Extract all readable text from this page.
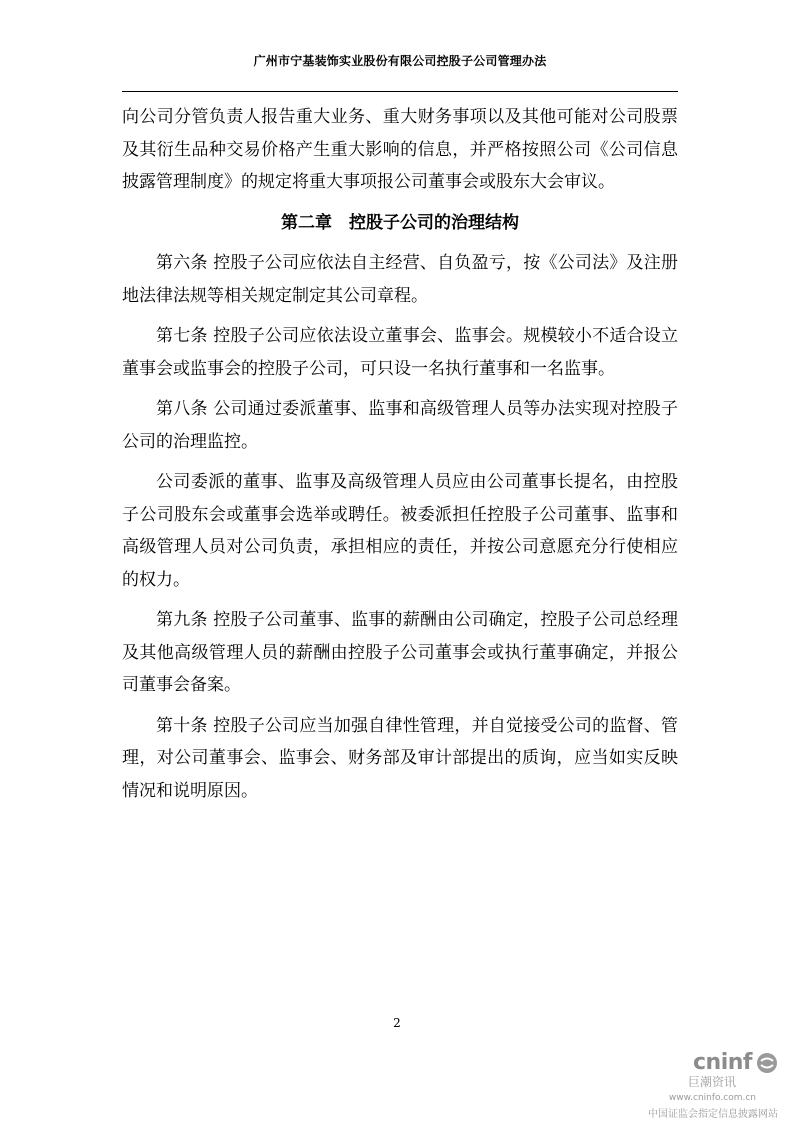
广州市宁基装饰实业股份有限公司控股子公司管理办法

向公司分管负责人报告重大业务、重大财务事项以及其他可能对公司股票及其衍生品种交易价格产生重大影响的信息，并严格按照公司《公司信息披露管理制度》的规定将重大事项报公司董事会或股东大会审议。

第二章　控股子公司的治理结构

第六条 控股子公司应依法自主经营、自负盈亏，按《公司法》及注册地法律法规等相关规定制定其公司章程。

第七条 控股子公司应依法设立董事会、监事会。规模较小不适合设立董事会或监事会的控股子公司，可只设一名执行董事和一名监事。

第八条 公司通过委派董事、监事和高级管理人员等办法实现对控股子公司的治理监控。

公司委派的董事、监事及高级管理人员应由公司董事长提名，由控股子公司股东会或董事会选举或聘任。被委派担任控股子公司董事、监事和高级管理人员对公司负责，承担相应的责任，并按公司意愿充分行使相应的权力。

第九条 控股子公司董事、监事的薪酬由公司确定，控股子公司总经理及其他高级管理人员的薪酬由控股子公司董事会或执行董事确定，并报公司董事会备案。

第十条 控股子公司应当加强自律性管理，并自觉接受公司的监督、管理，对公司董事会、监事会、财务部及审计部提出的质询，应当如实反映情况和说明原因。

2
cninf
巨潮资讯
www.cninfo.com.cn
中国证监会指定信息披露网站
